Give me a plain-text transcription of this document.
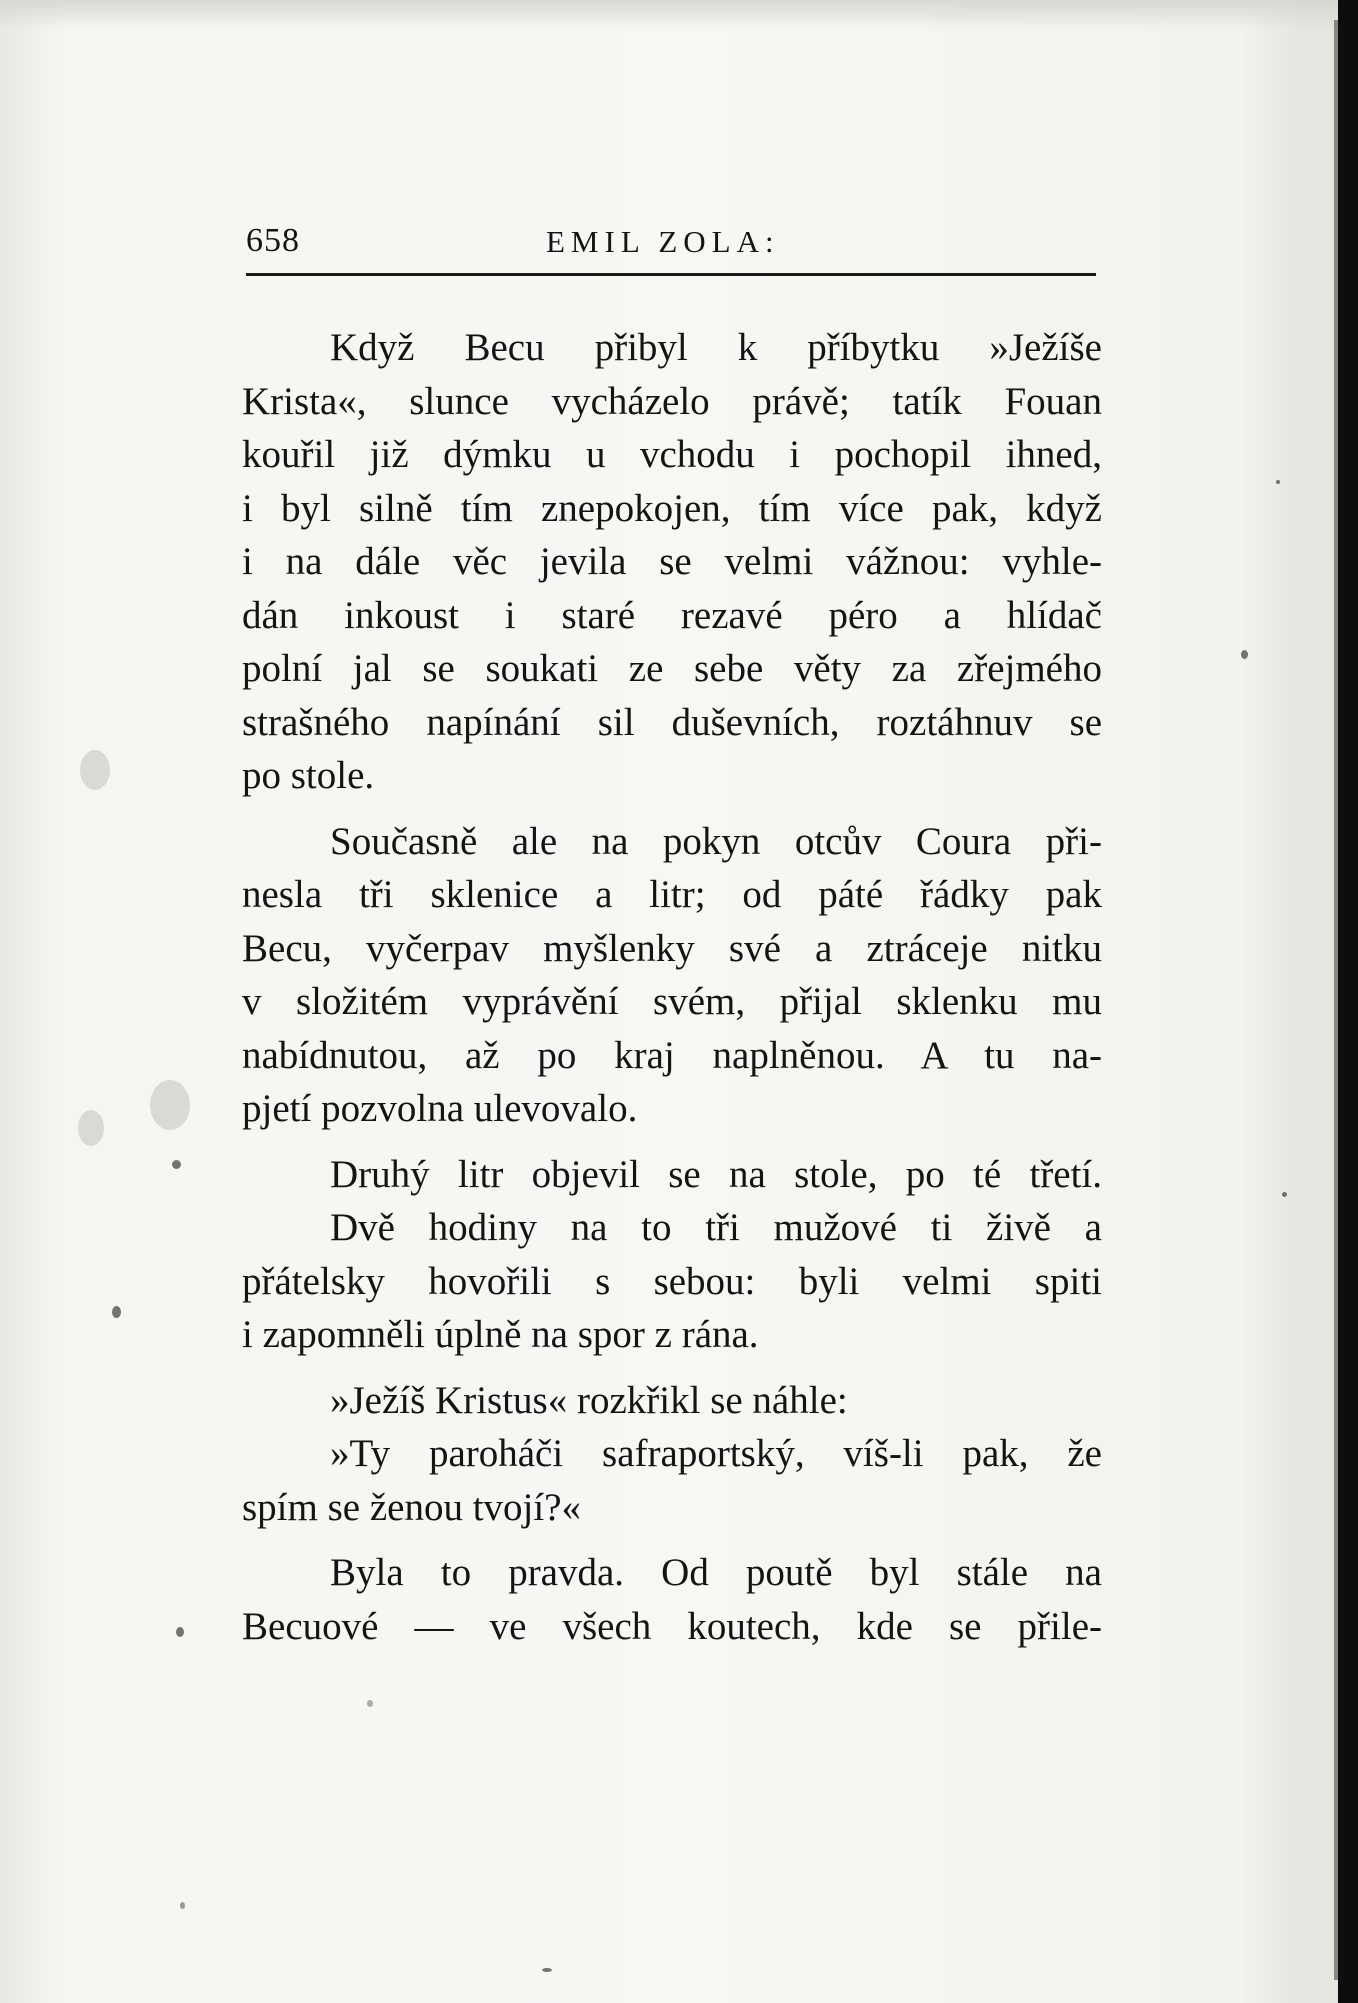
658	EMIL ZOLA:
Když Becu přibyl k příbytku »Ježíše
Krista«, slunce vycházelo právě; tatík Fouan
kouřil již dýmku u vchodu i pochopil ihned,
i byl silně tím znepokojen, tím více pak, když
i na dále věc jevila se velmi vážnou: vyhle-
dán inkoust i staré rezavé péro a hlídač
polní jal se soukati ze sebe věty za zřejmého
strašného napínání sil duševních, roztáhnuv se
po stole.
Současně ale na pokyn otcův Coura při-
nesla tři sklenice a litr; od páté řádky pak
Becu, vyčerpav myšlenky své a ztráceje nitku
v složitém vyprávění svém, přijal sklenku mu
nabídnutou, až po kraj naplněnou. A tu na-
pjetí pozvolna ulevovalo.
Druhý litr objevil se na stole, po té třetí.
Dvě hodiny na to tři mužové ti živě a
přátelsky hovořili s sebou: byli velmi spiti
i zapomněli úplně na spor z rána.
»Ježíš Kristus« rozkřikl se náhle:
»Ty paroháči safraportský, víš-li pak, že
spím se ženou tvojí?«
Byla to pravda. Od poutě byl stále na
Becuové — ve všech koutech, kde se přile-
